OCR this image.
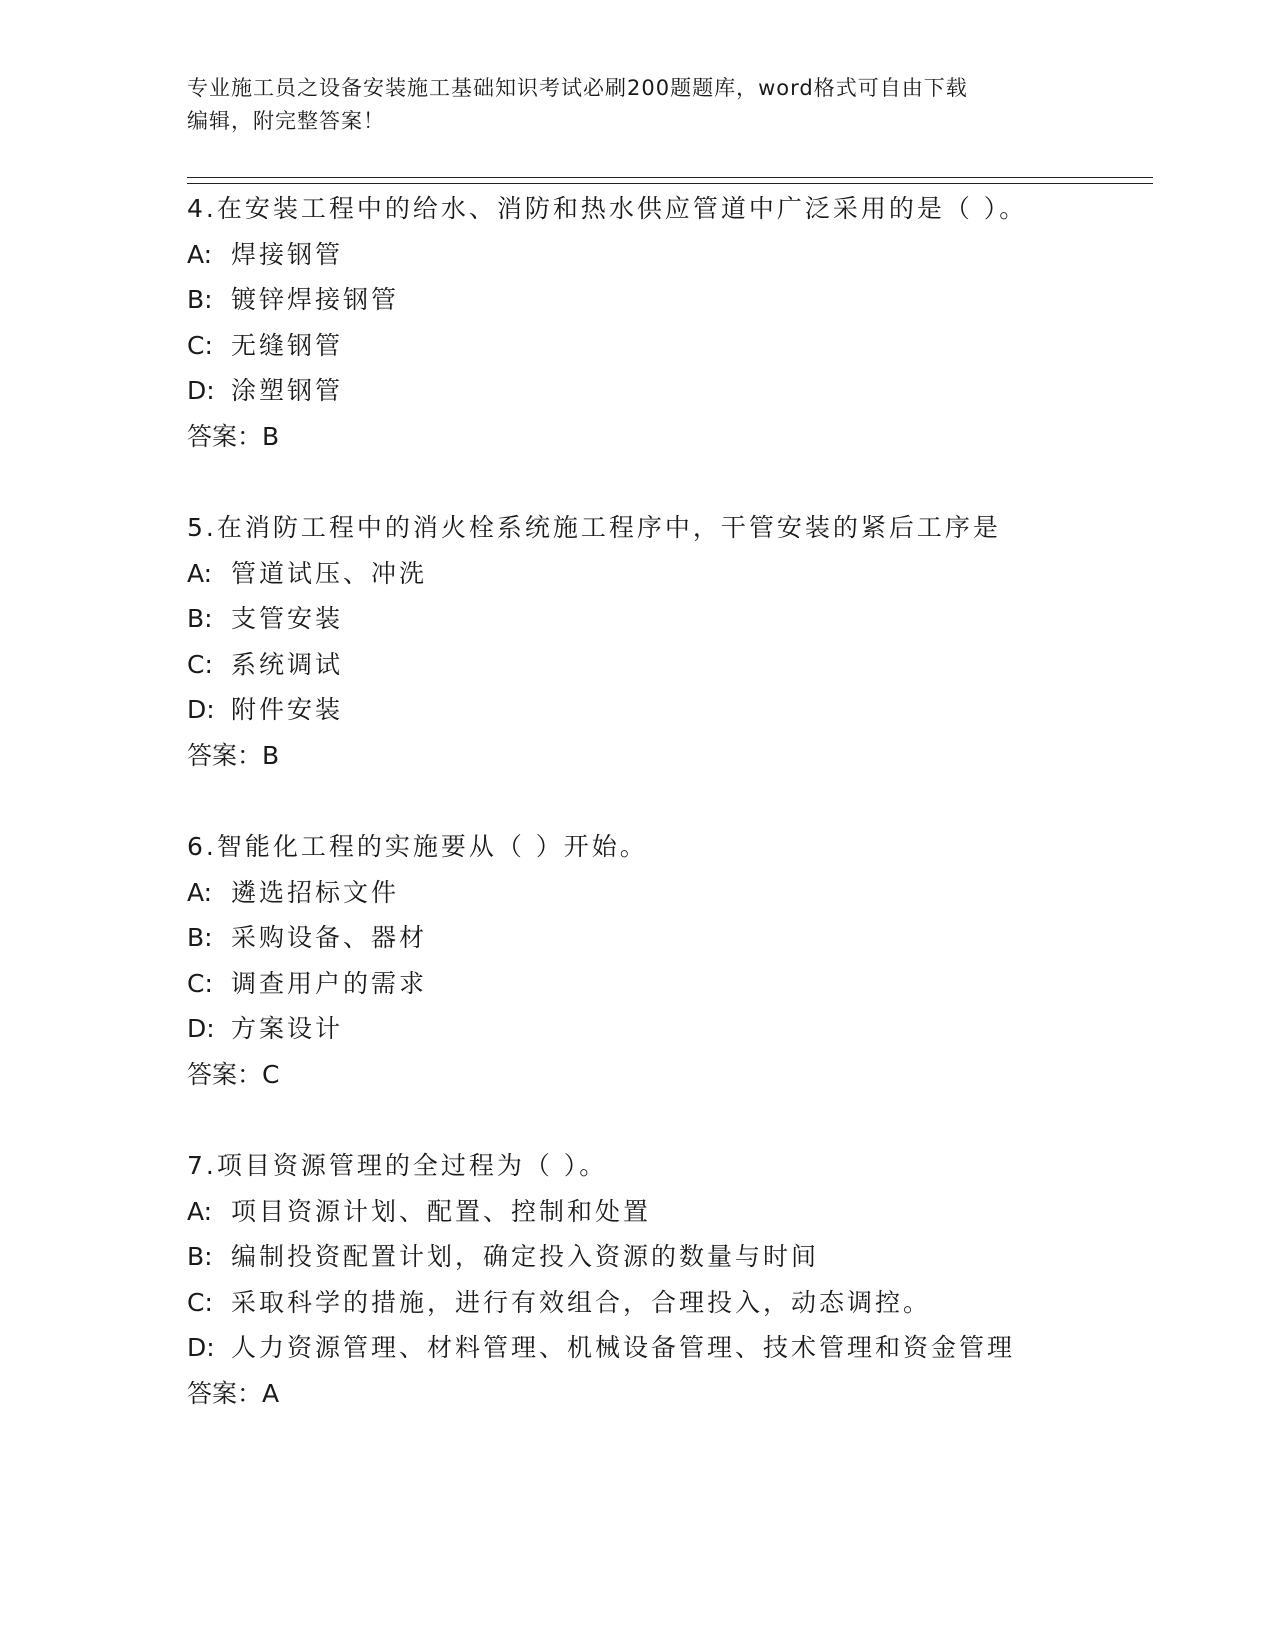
专业施工员之设备安装施工基础知识考试必刷200题题库，word格式可自由下载
编辑，附完整答案！
4.在安装工程中的给水、消防和热水供应管道中广泛采用的是（ ）。
A: 焊接钢管
B: 镀锌焊接钢管
C: 无缝钢管
D: 涂塑钢管
答案：B
5.在消防工程中的消火栓系统施工程序中，干管安装的紧后工序是
A: 管道试压、冲洗
B: 支管安装
C: 系统调试
D: 附件安装
答案：B
6.智能化工程的实施要从（ ）开始。
A: 遴选招标文件
B: 采购设备、器材
C: 调查用户的需求
D: 方案设计
答案：C
7.项目资源管理的全过程为（ ）。
A: 项目资源计划、配置、控制和处置
B: 编制投资配置计划，确定投入资源的数量与时间
C: 采取科学的措施，进行有效组合，合理投入，动态调控。
D: 人力资源管理、材料管理、机械设备管理、技术管理和资金管理
答案：A
